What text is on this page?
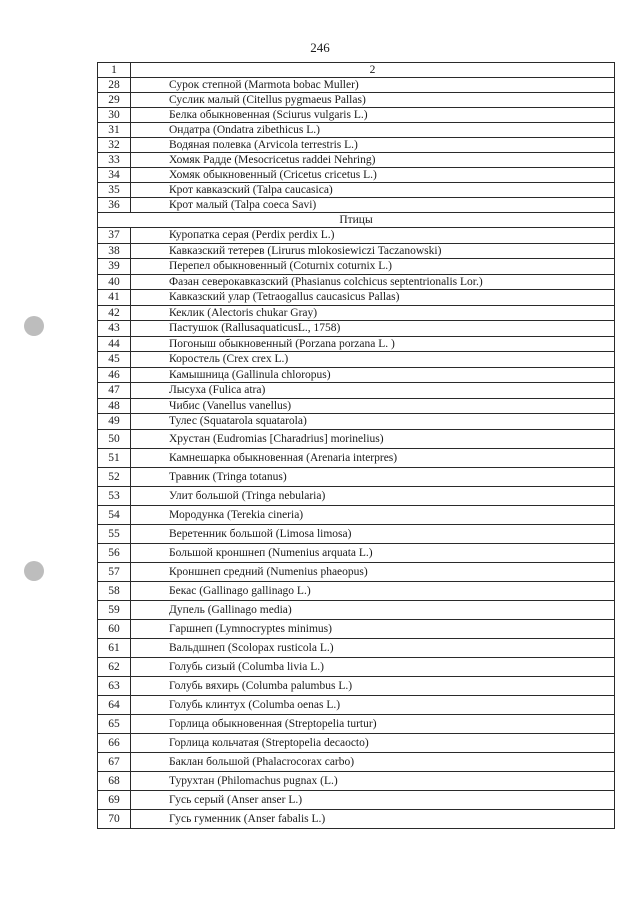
246
1	2
28	Сурок степной (Marmota bobac Muller)
29	Суслик малый (Citellus pygmaeus Pallas)
30	Белка обыкновенная (Sciurus vulgaris L.)
31	Ондатра (Ondatra zibethicus L.)
32	Водяная полевка (Arvicola terrestris L.)
33	Хомяк Радде (Mesocricetus raddei Nehring)
34	Хомяк обыкновенный (Cricetus cricetus L.)
35	Крот кавказский (Talpa caucasica)
36	Крот малый (Talpa coeca Savi)
Птицы	
37	Куропатка серая (Perdix perdix L.)
38	Кавказский тетерев (Lirurus mlokosiewiczi Taczanowski)
39	Перепел обыкновенный (Coturnix coturnix L.)
40	Фазан северокавказский (Phasianus colchicus septentrionalis Lor.)
41	Кавказский улар (Tetraogallus caucasicus Pallas)
42	Кеклик (Alectoris chukar Gray)
43	Пастушок (RallusaquaticusL., 1758)
44	Погоныш обыкновенный (Porzana porzana L. )
45	Коростель (Crex crex L.)
46	Камышница (Gallinula chloropus)
47	Лысуха (Fulica atra)
48	Чибис (Vanellus vanellus)
49	Тулес (Squatarola squatarola)
50	Хрустан (Eudromias [Charadrius] morinelius)
51	Камнешарка обыкновенная (Arenaria interpres)
52	Травник (Tringa totanus)
53	Улит большой (Tringa nebularia)
54	Мородунка (Terekia cineria)
55	Веретенник большой (Limosa limosa)
56	Большой кроншнеп (Numenius arquata L.)
57	Кроншнеп средний (Numenius phaeopus)
58	Бекас (Gallinago gallinago L.)
59	Дупель (Gallinago media)
60	Гаршнеп (Lymnocryptes minimus)
61	Вальдшнеп (Scolopax rusticola L.)
62	Голубь сизый (Columba livia L.)
63	Голубь вяхирь (Columba palumbus L.)
64	Голубь клинтух (Columba oenas L.)
65	Горлица обыкновенная (Streptopelia turtur)
66	Горлица кольчатая (Streptopelia decaocto)
67	Баклан большой (Phalacrocorax carbo)
68	Турухтан (Philomachus pugnax (L.)
69	Гусь серый (Anser anser L.)
70	Гусь гуменник (Anser fabalis L.)
